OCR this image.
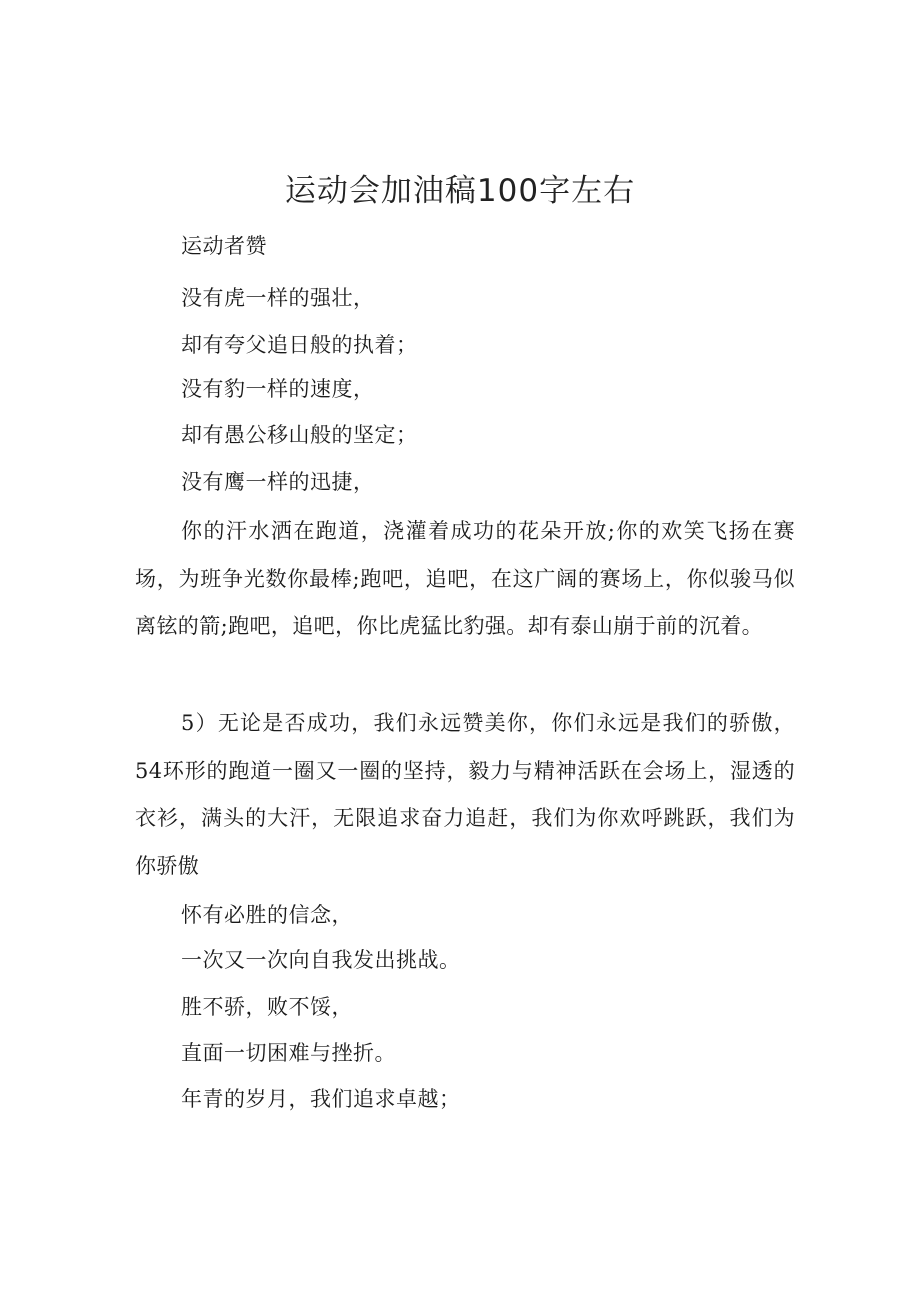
运动会加油稿100字左右
运动者赞
没有虎一样的强壮，
却有夸父追日般的执着；
没有豹一样的速度，
却有愚公移山般的坚定；
没有鹰一样的迅捷，
你的汗水洒在跑道，浇灌着成功的花朵开放;你的欢笑飞扬在赛场，为班争光数你最棒;跑吧，追吧，在这广阔的赛场上，你似骏马似离铉的箭;跑吧，追吧，你比虎猛比豹强。却有泰山崩于前的沉着。
5）无论是否成功，我们永远赞美你，你们永远是我们的骄傲，54环形的跑道一圈又一圈的坚持，毅力与精神活跃在会场上，湿透的衣衫，满头的大汗，无限追求奋力追赶，我们为你欢呼跳跃，我们为你骄傲
怀有必胜的信念，
一次又一次向自我发出挑战。
胜不骄，败不馁，
直面一切困难与挫折。
年青的岁月，我们追求卓越；
